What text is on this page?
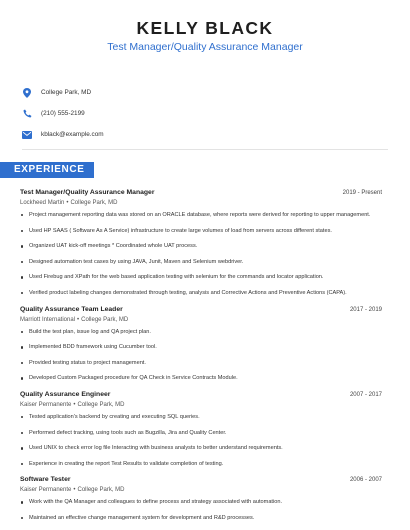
KELLY BLACK
Test Manager/Quality Assurance Manager
College Park, MD
(210) 555-2199
kblack@example.com
EXPERIENCE
Test Manager/Quality Assurance Manager	2019 - Present
Lockheed Martin • College Park, MD
Project management reporting data was stored on an ORACLE database, where reports were derived for reporting to upper management.
Used HP SAAS ( Software As A Service) infrastructure to create large volumes of load from servers across different states.
Organized UAT kick-off meetings * Coordinated whole UAT process.
Designed automation test cases by using JAVA, Junit, Maven and Selenium webdriver.
Used Firebug and XPath for the web based application testing with selenium for the commands and locator application.
Verified product labeling changes demonstrated through testing, analysis and Corrective Actions and Preventive Actions (CAPA).
Quality Assurance Team Leader	2017 - 2019
Marriott International • College Park, MD
Build the test plan, issue log and QA project plan.
Implemented BDD framework using Cucumber tool.
Provided testing status to project management.
Developed Custom Packaged procedure for QA Check in Service Contracts Module.
Quality Assurance Engineer	2007 - 2017
Kaiser Permanente • College Park, MD
Tested application's backend by creating and executing SQL queries.
Performed defect tracking, using tools such as Bugzilla, Jira and Quality Center.
Used UNIX to check error log file Interacting with business analysts to better understand requirements.
Experience in creating the report Test Results to validate completion of testing.
Software Tester	2006 - 2007
Kaiser Permanente • College Park, MD
Work with the QA Manager and colleagues to define process and strategy associated with automation.
Maintained an effective change management system for development and R&D processes.
